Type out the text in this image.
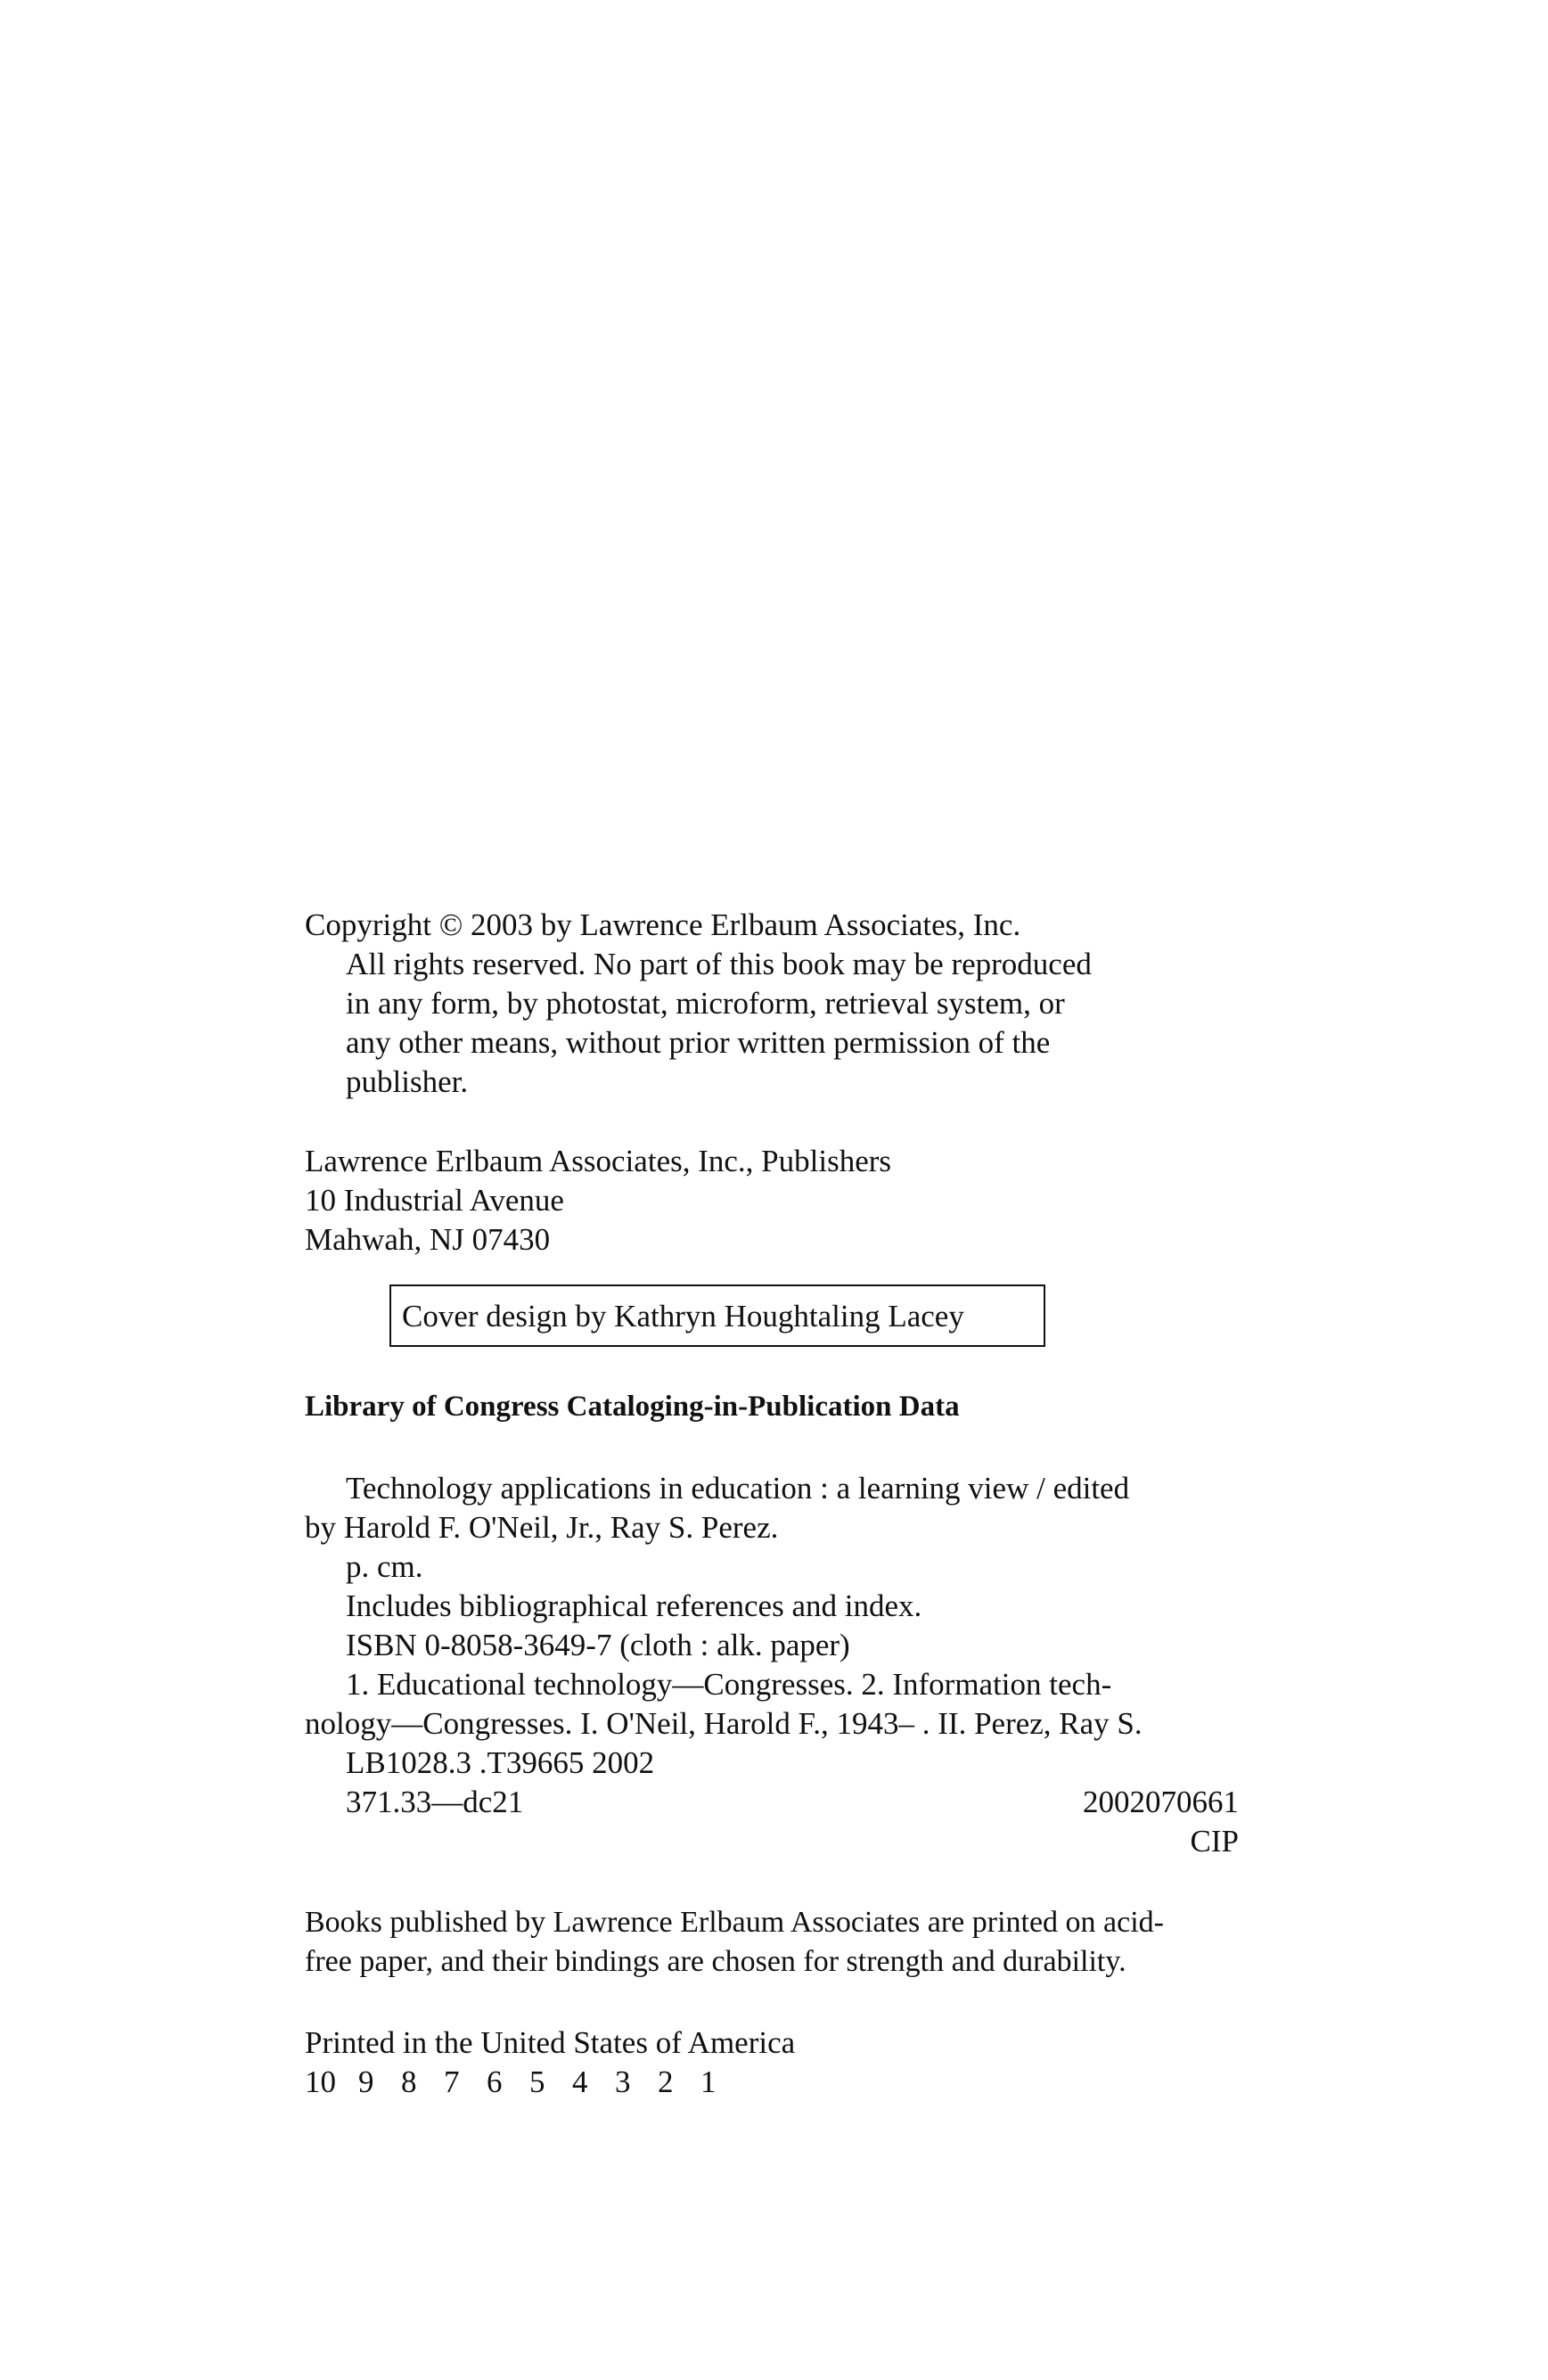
Copyright © 2003 by Lawrence Erlbaum Associates, Inc.
All rights reserved. No part of this book may be reproduced
in any form, by photostat, microform, retrieval system, or
any other means, without prior written permission of the
publisher.
Lawrence Erlbaum Associates, Inc., Publishers
10 Industrial Avenue
Mahwah, NJ 07430
Cover design by Kathryn Houghtaling Lacey
Library of Congress Cataloging-in-Publication Data
Technology applications in education : a learning view / edited
by Harold F. O'Neil, Jr., Ray S. Perez.
p. cm.
Includes bibliographical references and index.
ISBN 0-8058-3649-7 (cloth : alk. paper)
1. Educational technology—Congresses. 2. Information tech-
nology—Congresses. I. O'Neil, Harold F., 1943– . II. Perez, Ray S.
LB1028.3 .T39665 2002
371.33—dc21	2002070661
CIP
Books published by Lawrence Erlbaum Associates are printed on acid-
free paper, and their bindings are chosen for strength and durability.
Printed in the United States of America
10 9 8 7 6 5 4 3 2 1
